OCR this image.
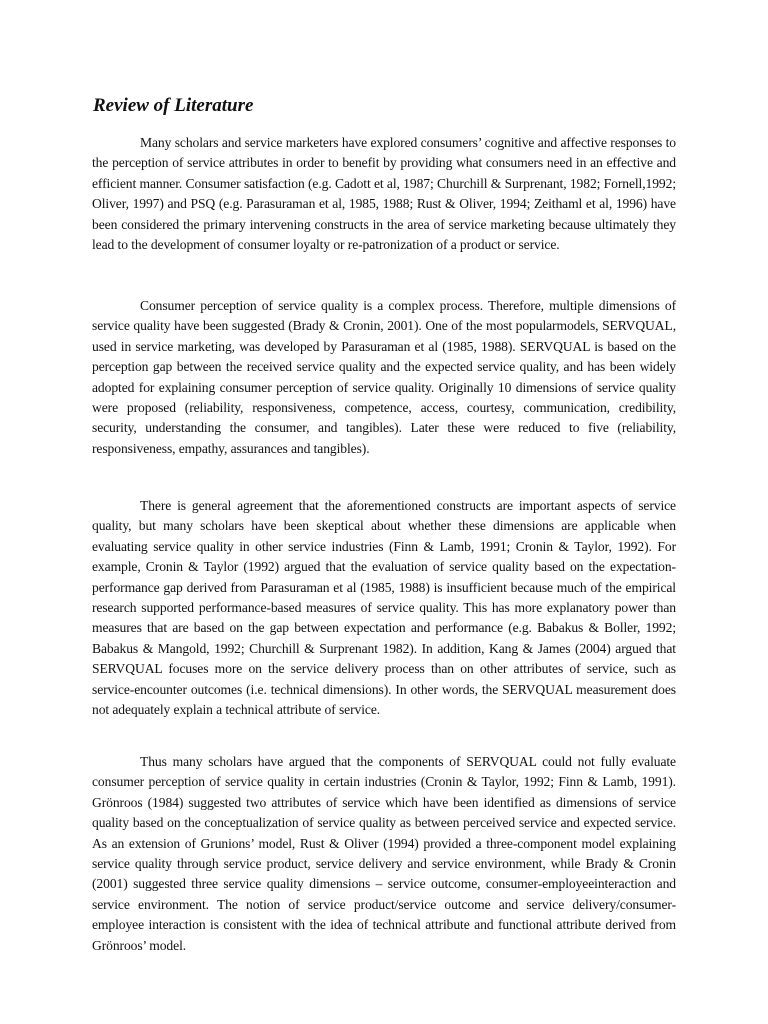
Review of Literature

Many scholars and service marketers have explored consumers’ cognitive and affective responses to the perception of service attributes in order to benefit by providing what consumers need in an effective and efficient manner. Consumer satisfaction (e.g. Cadott et al, 1987; Churchill & Surprenant, 1982; Fornell,1992; Oliver, 1997) and PSQ (e.g. Parasuraman et al, 1985, 1988; Rust & Oliver, 1994; Zeithaml et al, 1996) have been considered the primary intervening constructs in the area of service marketing because ultimately they lead to the development of consumer loyalty or re-patronization of a product or service.

Consumer perception of service quality is a complex process. Therefore, multiple dimensions of service quality have been suggested (Brady & Cronin, 2001). One of the most popularmodels, SERVQUAL, used in service marketing, was developed by Parasuraman et al (1985, 1988). SERVQUAL is based on the perception gap between the received service quality and the expected service quality, and has been widely adopted for explaining consumer perception of service quality. Originally 10 dimensions of service quality were proposed (reliability, responsiveness, competence, access, courtesy, communication, credibility, security, understanding the consumer, and tangibles). Later these were reduced to five (reliability, responsiveness, empathy, assurances and tangibles).

There is general agreement that the aforementioned constructs are important aspects of service quality, but many scholars have been skeptical about whether these dimensions are applicable when evaluating service quality in other service industries (Finn & Lamb, 1991; Cronin & Taylor, 1992). For example, Cronin & Taylor (1992) argued that the evaluation of service quality based on the expectation-performance gap derived from Parasuraman et al (1985, 1988) is insufficient because much of the empirical research supported performance-based measures of service quality. This has more explanatory power than measures that are based on the gap between expectation and performance (e.g. Babakus & Boller, 1992; Babakus & Mangold, 1992; Churchill & Surprenant 1982). In addition, Kang & James (2004) argued that SERVQUAL focuses more on the service delivery process than on other attributes of service, such as service-encounter outcomes (i.e. technical dimensions). In other words, the SERVQUAL measurement does not adequately explain a technical attribute of service.

Thus many scholars have argued that the components of SERVQUAL could not fully evaluate consumer perception of service quality in certain industries (Cronin & Taylor, 1992; Finn & Lamb, 1991). Grönroos (1984) suggested two attributes of service which have been identified as dimensions of service quality based on the conceptualization of service quality as between perceived service and expected service. As an extension of Grunions’ model, Rust & Oliver (1994) provided a three-component model explaining service quality through service product, service delivery and service environment, while Brady & Cronin (2001) suggested three service quality dimensions – service outcome, consumer-employeeinteraction and service environment. The notion of service product/service outcome and service delivery/consumer-employee interaction is consistent with the idea of technical attribute and functional attribute derived from Grönroos’ model.
